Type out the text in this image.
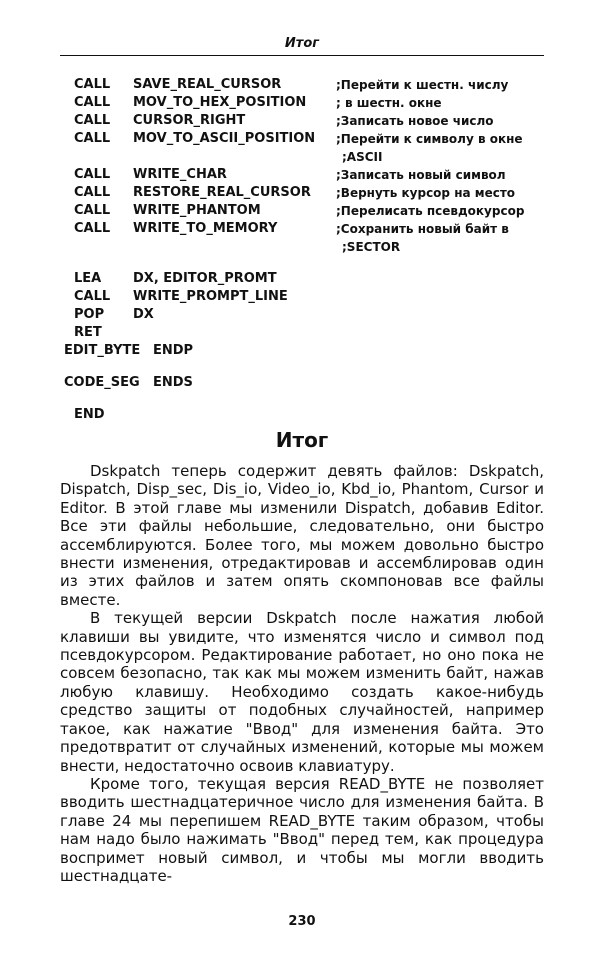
Итог
CALL SAVE_REAL_CURSOR	;Перейти к шестн. числу
CALL MOV_TO_HEX_POSITION ; в шестн. окне
CALL CURSOR_RIGHT	;Записать новое число
CALL MOV_TO_ASCII_POSITION ;Перейти к символу в окне
;ASCII
CALL WRITE_CHAR	;Записать новый символ
CALL RESTORE_REAL_CURSOR ;Вернуть курсор на место
CALL WRITE_PHANTOM	;Перелисать псевдокурсор
CALL WRITE_TO_MEMORY	;Сохранить новый байт в
;SECTOR
LEA DX, EDITOR_PROMT
CALL WRITE_PROMPT_LINE
POP DX
RET
EDIT_BYTE ENDP
CODE_SEG ENDS
END
Итог

Dskpatch теперь содержит девять файлов: Dskpatch, Dispatch, Disp_sec, Dis_io, Video_io, Kbd_io, Phantom, Cursor и Editor. В этой главе мы изменили Dispatch, добавив Editor. Все эти файлы небольшие, следовательно, они быстро ассемблируются. Более того, мы можем довольно быстро внести изменения, отредактировав и ассемблировав один из этих файлов и затем опять скомпоновав все файлы вместе.

В текущей версии Dskpatch после нажатия любой клавиши вы увидите, что изменятся число и символ под псевдокурсором. Редактирование работает, но оно пока не совсем безопасно, так как мы можем изменить байт, нажав любую клавишу. Необходимо создать какое-нибудь средство защиты от подобных случайностей, например такое, как нажатие "Ввод" для изменения байта. Это предотвратит от случайных изменений, которые мы можем внести, недостаточно освоив клавиатуру.

Кроме того, текущая версия READ_BYTE не позволяет вводить шестнадцатеричное число для изменения байта. В главе 24 мы перепишем READ_BYTE таким образом, чтобы нам надо было нажимать "Ввод" перед тем, как процедура воспримет новый символ, и чтобы мы могли вводить шестнадцате-

230
